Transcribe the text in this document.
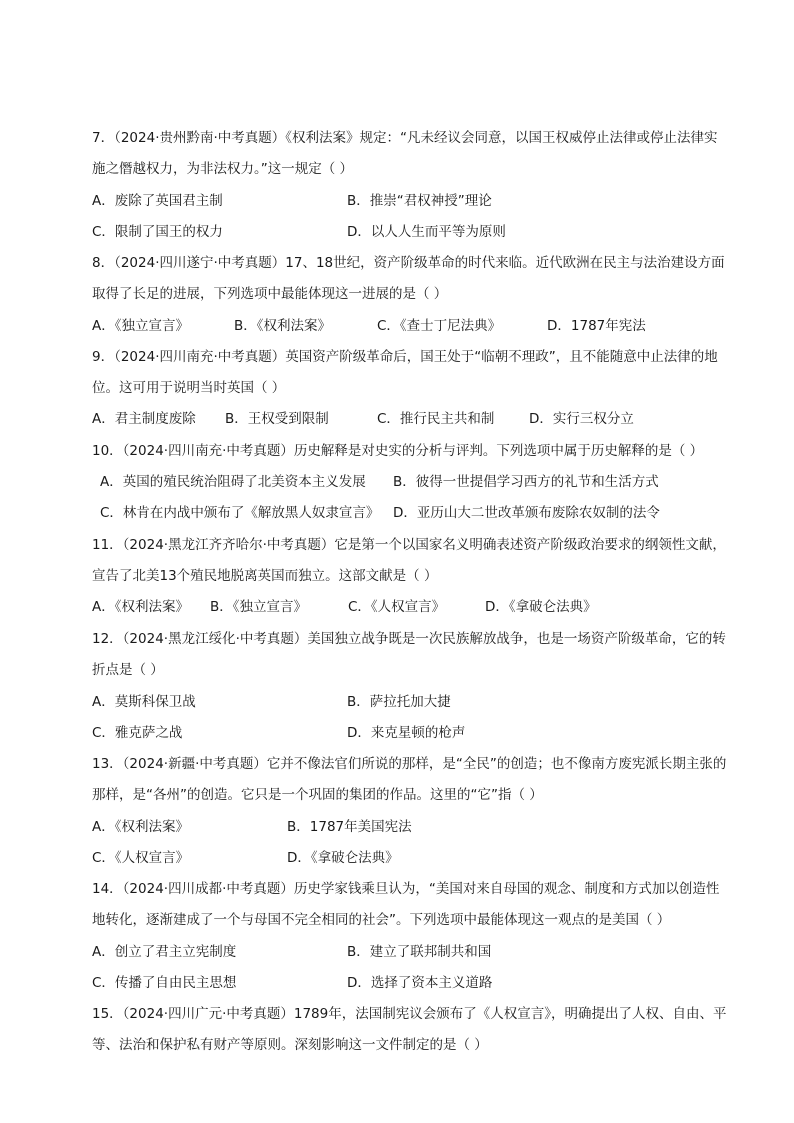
7．（2024·贵州黔南·中考真题）《权利法案》规定：“凡未经议会同意，以国王权威停止法律或停止法律实
施之僭越权力，为非法权力。”这一规定（ ）
A．废除了英国君主制	B．推崇“君权神授”理论
C．限制了国王的权力	D．以人人生而平等为原则
8．（2024·四川遂宁·中考真题）17、18世纪，资产阶级革命的时代来临。近代欧洲在民主与法治建设方面
取得了长足的进展，下列选项中最能体现这一进展的是（ ）
A．《独立宣言》	B．《权利法案》	C．《查士丁尼法典》	D．1787年宪法
9．（2024·四川南充·中考真题）英国资产阶级革命后，国王处于“临朝不理政”，且不能随意中止法律的地
位。这可用于说明当时英国（ ）
A．君主制度废除 B．王权受到限制	C．推行民主共和制	D．实行三权分立
10．（2024·四川南充·中考真题）历史解释是对史实的分析与评判。下列选项中属于历史解释的是（ ）
A．英国的殖民统治阻碍了北美资本主义发展 B．彼得一世提倡学习西方的礼节和生活方式
C．林肯在内战中颁布了《解放黑人奴隶宣言》 D．亚历山大二世改革颁布废除农奴制的法令
11．（2024·黑龙江齐齐哈尔·中考真题）它是第一个以国家名义明确表述资产阶级政治要求的纲领性文献，
宣告了北美13个殖民地脱离英国而独立。这部文献是（ ）
A．《权利法案》 B．《独立宣言》	C．《人权宣言》	D．《拿破仑法典》
12．（2024·黑龙江绥化·中考真题）美国独立战争既是一次民族解放战争，也是一场资产阶级革命，它的转
折点是（ ）
A．莫斯科保卫战	B．萨拉托加大捷
C．雅克萨之战	D．来克星顿的枪声
13．（2024·新疆·中考真题）它并不像法官们所说的那样，是“全民”的创造；也不像南方废宪派长期主张的
那样，是“各州”的创造。它只是一个巩固的集团的作品。这里的“它”指（ ）
A．《权利法案》	B．1787年美国宪法
C．《人权宣言》	D．《拿破仑法典》
14．（2024·四川成都·中考真题）历史学家钱乘旦认为，“美国对来自母国的观念、制度和方式加以创造性
地转化，逐渐建成了一个与母国不完全相同的社会”。下列选项中最能体现这一观点的是美国（ ）
A．创立了君主立宪制度	B．建立了联邦制共和国
C．传播了自由民主思想	D．选择了资本主义道路
15．（2024·四川广元·中考真题）1789年，法国制宪议会颁布了《人权宣言》，明确提出了人权、自由、平
等、法治和保护私有财产等原则。深刻影响这一文件制定的是（ ）
